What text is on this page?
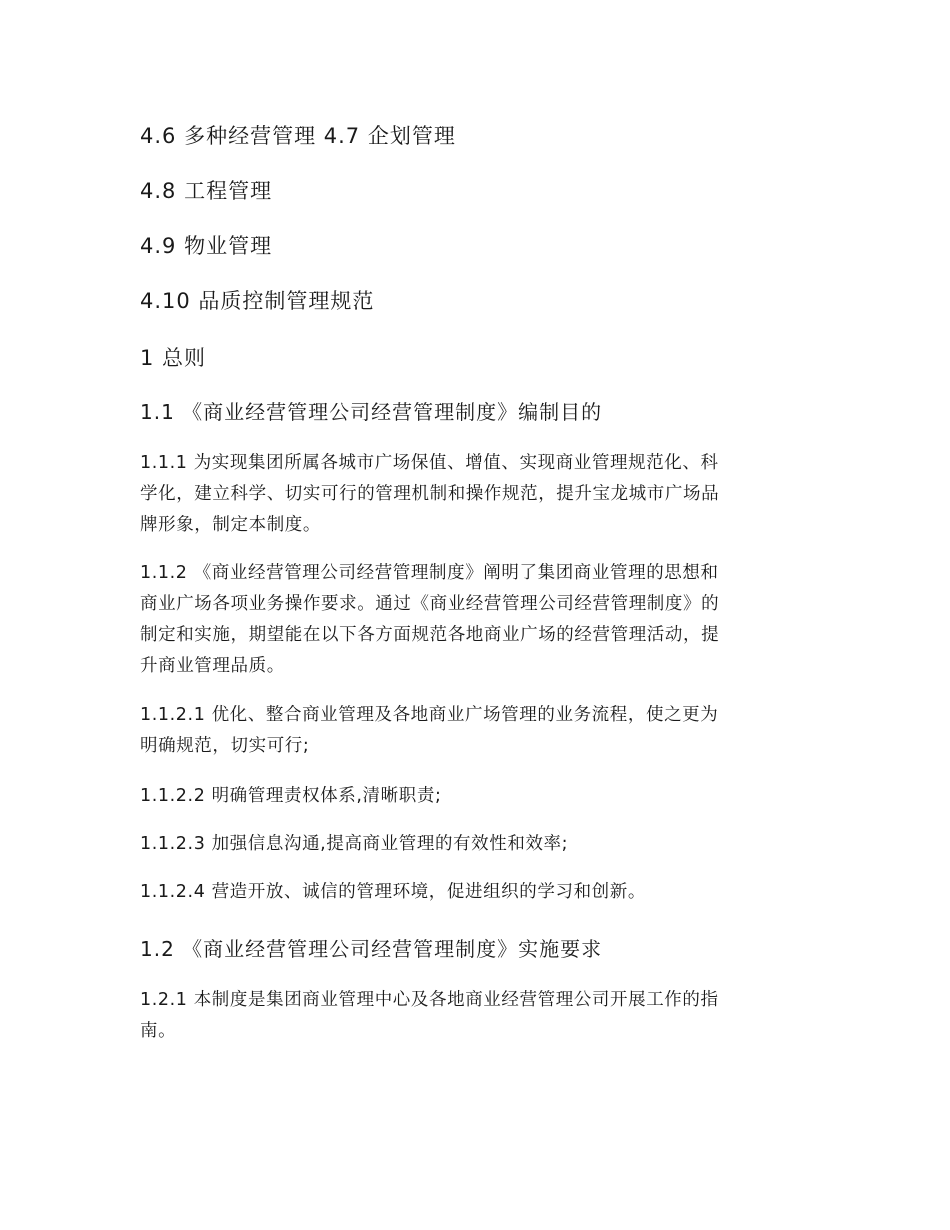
4.6 多种经营管理 4.7 企划管理
4.8 工程管理
4.9 物业管理
4.10 品质控制管理规范
1 总则
1.1 《商业经营管理公司经营管理制度》编制目的
1.1.1 为实现集团所属各城市广场保值、增值、实现商业管理规范化、科
学化，建立科学、切实可行的管理机制和操作规范，提升宝龙城市广场品
牌形象，制定本制度。
1.1.2 《商业经营管理公司经营管理制度》阐明了集团商业管理的思想和
商业广场各项业务操作要求。通过《商业经营管理公司经营管理制度》的
制定和实施，期望能在以下各方面规范各地商业广场的经营管理活动，提
升商业管理品质。
1.1.2.1 优化、整合商业管理及各地商业广场管理的业务流程，使之更为
明确规范，切实可行;
1.1.2.2 明确管理责权体系,清晰职责;
1.1.2.3 加强信息沟通,提高商业管理的有效性和效率;
1.1.2.4 营造开放、诚信的管理环境，促进组织的学习和创新。
1.2 《商业经营管理公司经营管理制度》实施要求
1.2.1 本制度是集团商业管理中心及各地商业经营管理公司开展工作的指
南。
